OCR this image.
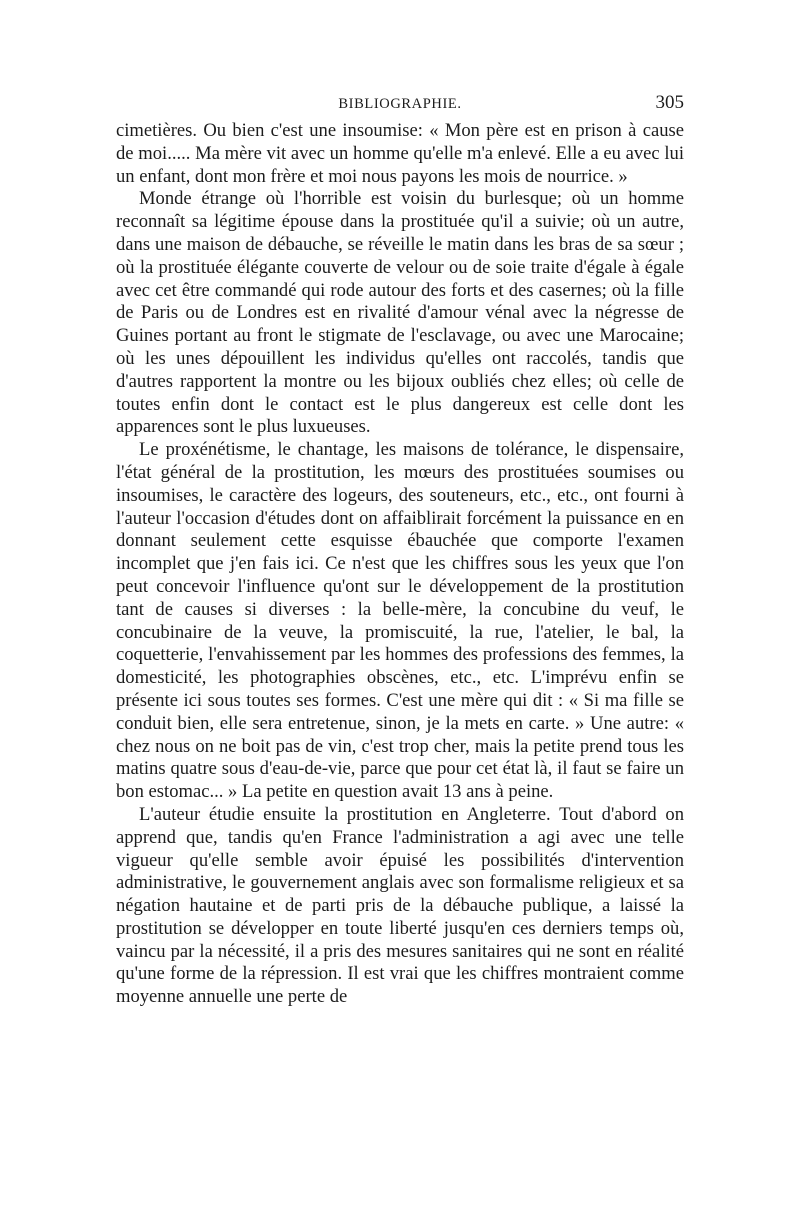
BIBLIOGRAPHIE.	305

cimetières. Ou bien c'est une insoumise: « Mon père est en prison à cause de moi..... Ma mère vit avec un homme qu'elle m'a enlevé. Elle a eu avec lui un enfant, dont mon frère et moi nous payons les mois de nourrice. »

Monde étrange où l'horrible est voisin du burlesque; où un homme reconnaît sa légitime épouse dans la prostituée qu'il a suivie; où un autre, dans une maison de débauche, se réveille le matin dans les bras de sa sœur ; où la prostituée élégante couverte de velour ou de soie traite d'égale à égale avec cet être commandé qui rode autour des forts et des casernes; où la fille de Paris ou de Londres est en rivalité d'amour vénal avec la négresse de Guines portant au front le stigmate de l'esclavage, ou avec une Marocaine; où les unes dépouillent les individus qu'elles ont raccolés, tandis que d'autres rapportent la montre ou les bijoux oubliés chez elles; où celle de toutes enfin dont le contact est le plus dangereux est celle dont les apparences sont le plus luxueuses.

Le proxénétisme, le chantage, les maisons de tolérance, le dispensaire, l'état général de la prostitution, les mœurs des prostituées soumises ou insoumises, le caractère des logeurs, des souteneurs, etc., etc., ont fourni à l'auteur l'occasion d'études dont on affaiblirait forcément la puissance en en donnant seulement cette esquisse ébauchée que comporte l'examen incomplet que j'en fais ici. Ce n'est que les chiffres sous les yeux que l'on peut concevoir l'influence qu'ont sur le développement de la prostitution tant de causes si diverses : la belle-mère, la concubine du veuf, le concubinaire de la veuve, la promiscuité, la rue, l'atelier, le bal, la coquetterie, l'envahissement par les hommes des professions des femmes, la domesticité, les photographies obscènes, etc., etc. L'imprévu enfin se présente ici sous toutes ses formes. C'est une mère qui dit : « Si ma fille se conduit bien, elle sera entretenue, sinon, je la mets en carte. » Une autre: « chez nous on ne boit pas de vin, c'est trop cher, mais la petite prend tous les matins quatre sous d'eau-de-vie, parce que pour cet état là, il faut se faire un bon estomac... » La petite en question avait 13 ans à peine.

L'auteur étudie ensuite la prostitution en Angleterre. Tout d'abord on apprend que, tandis qu'en France l'administration a agi avec une telle vigueur qu'elle semble avoir épuisé les possibilités d'intervention administrative, le gouvernement anglais avec son formalisme religieux et sa négation hautaine et de parti pris de la débauche publique, a laissé la prostitution se développer en toute liberté jusqu'en ces derniers temps où, vaincu par la nécessité, il a pris des mesures sanitaires qui ne sont en réalité qu'une forme de la répression. Il est vrai que les chiffres montraient comme moyenne annuelle une perte de
